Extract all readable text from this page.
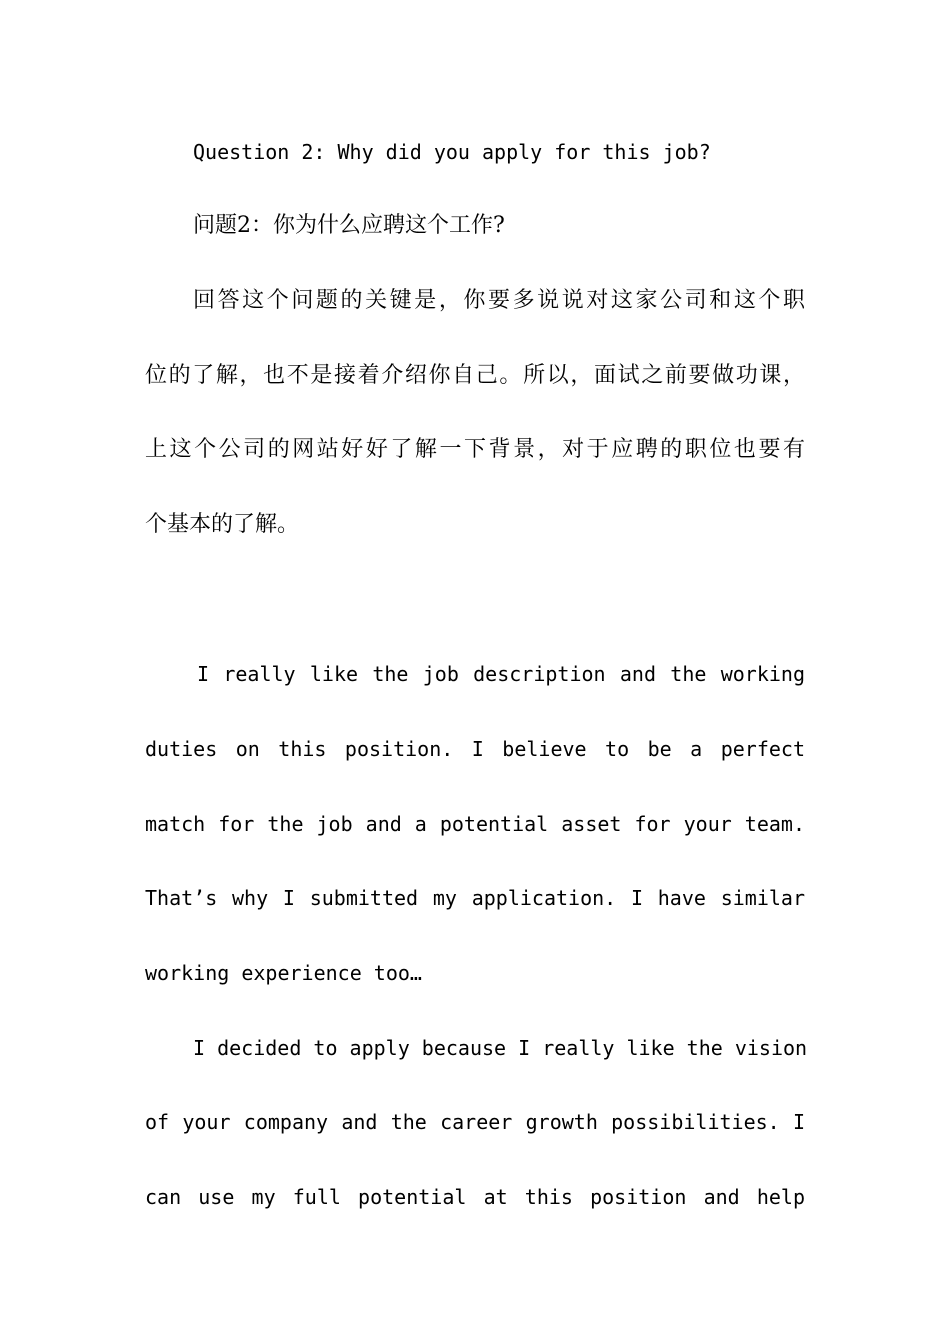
Question 2: Why did you apply for this job?
问题2：你为什么应聘这个工作?
回答这个问题的关键是，你要多说说对这家公司和这个职
位的了解，也不是接着介绍你自己。所以，面试之前要做功课，
上这个公司的网站好好了解一下背景，对于应聘的职位也要有
个基本的了解。
I really like the job description and the working
duties on this position. I believe to be a perfect
match for the job and a potential asset for your team.
That’s why I submitted my application. I have similar
working experience too…
I decided to apply because I really like the vision
of your company and the career growth possibilities. I
can use my full potential at this position and help
